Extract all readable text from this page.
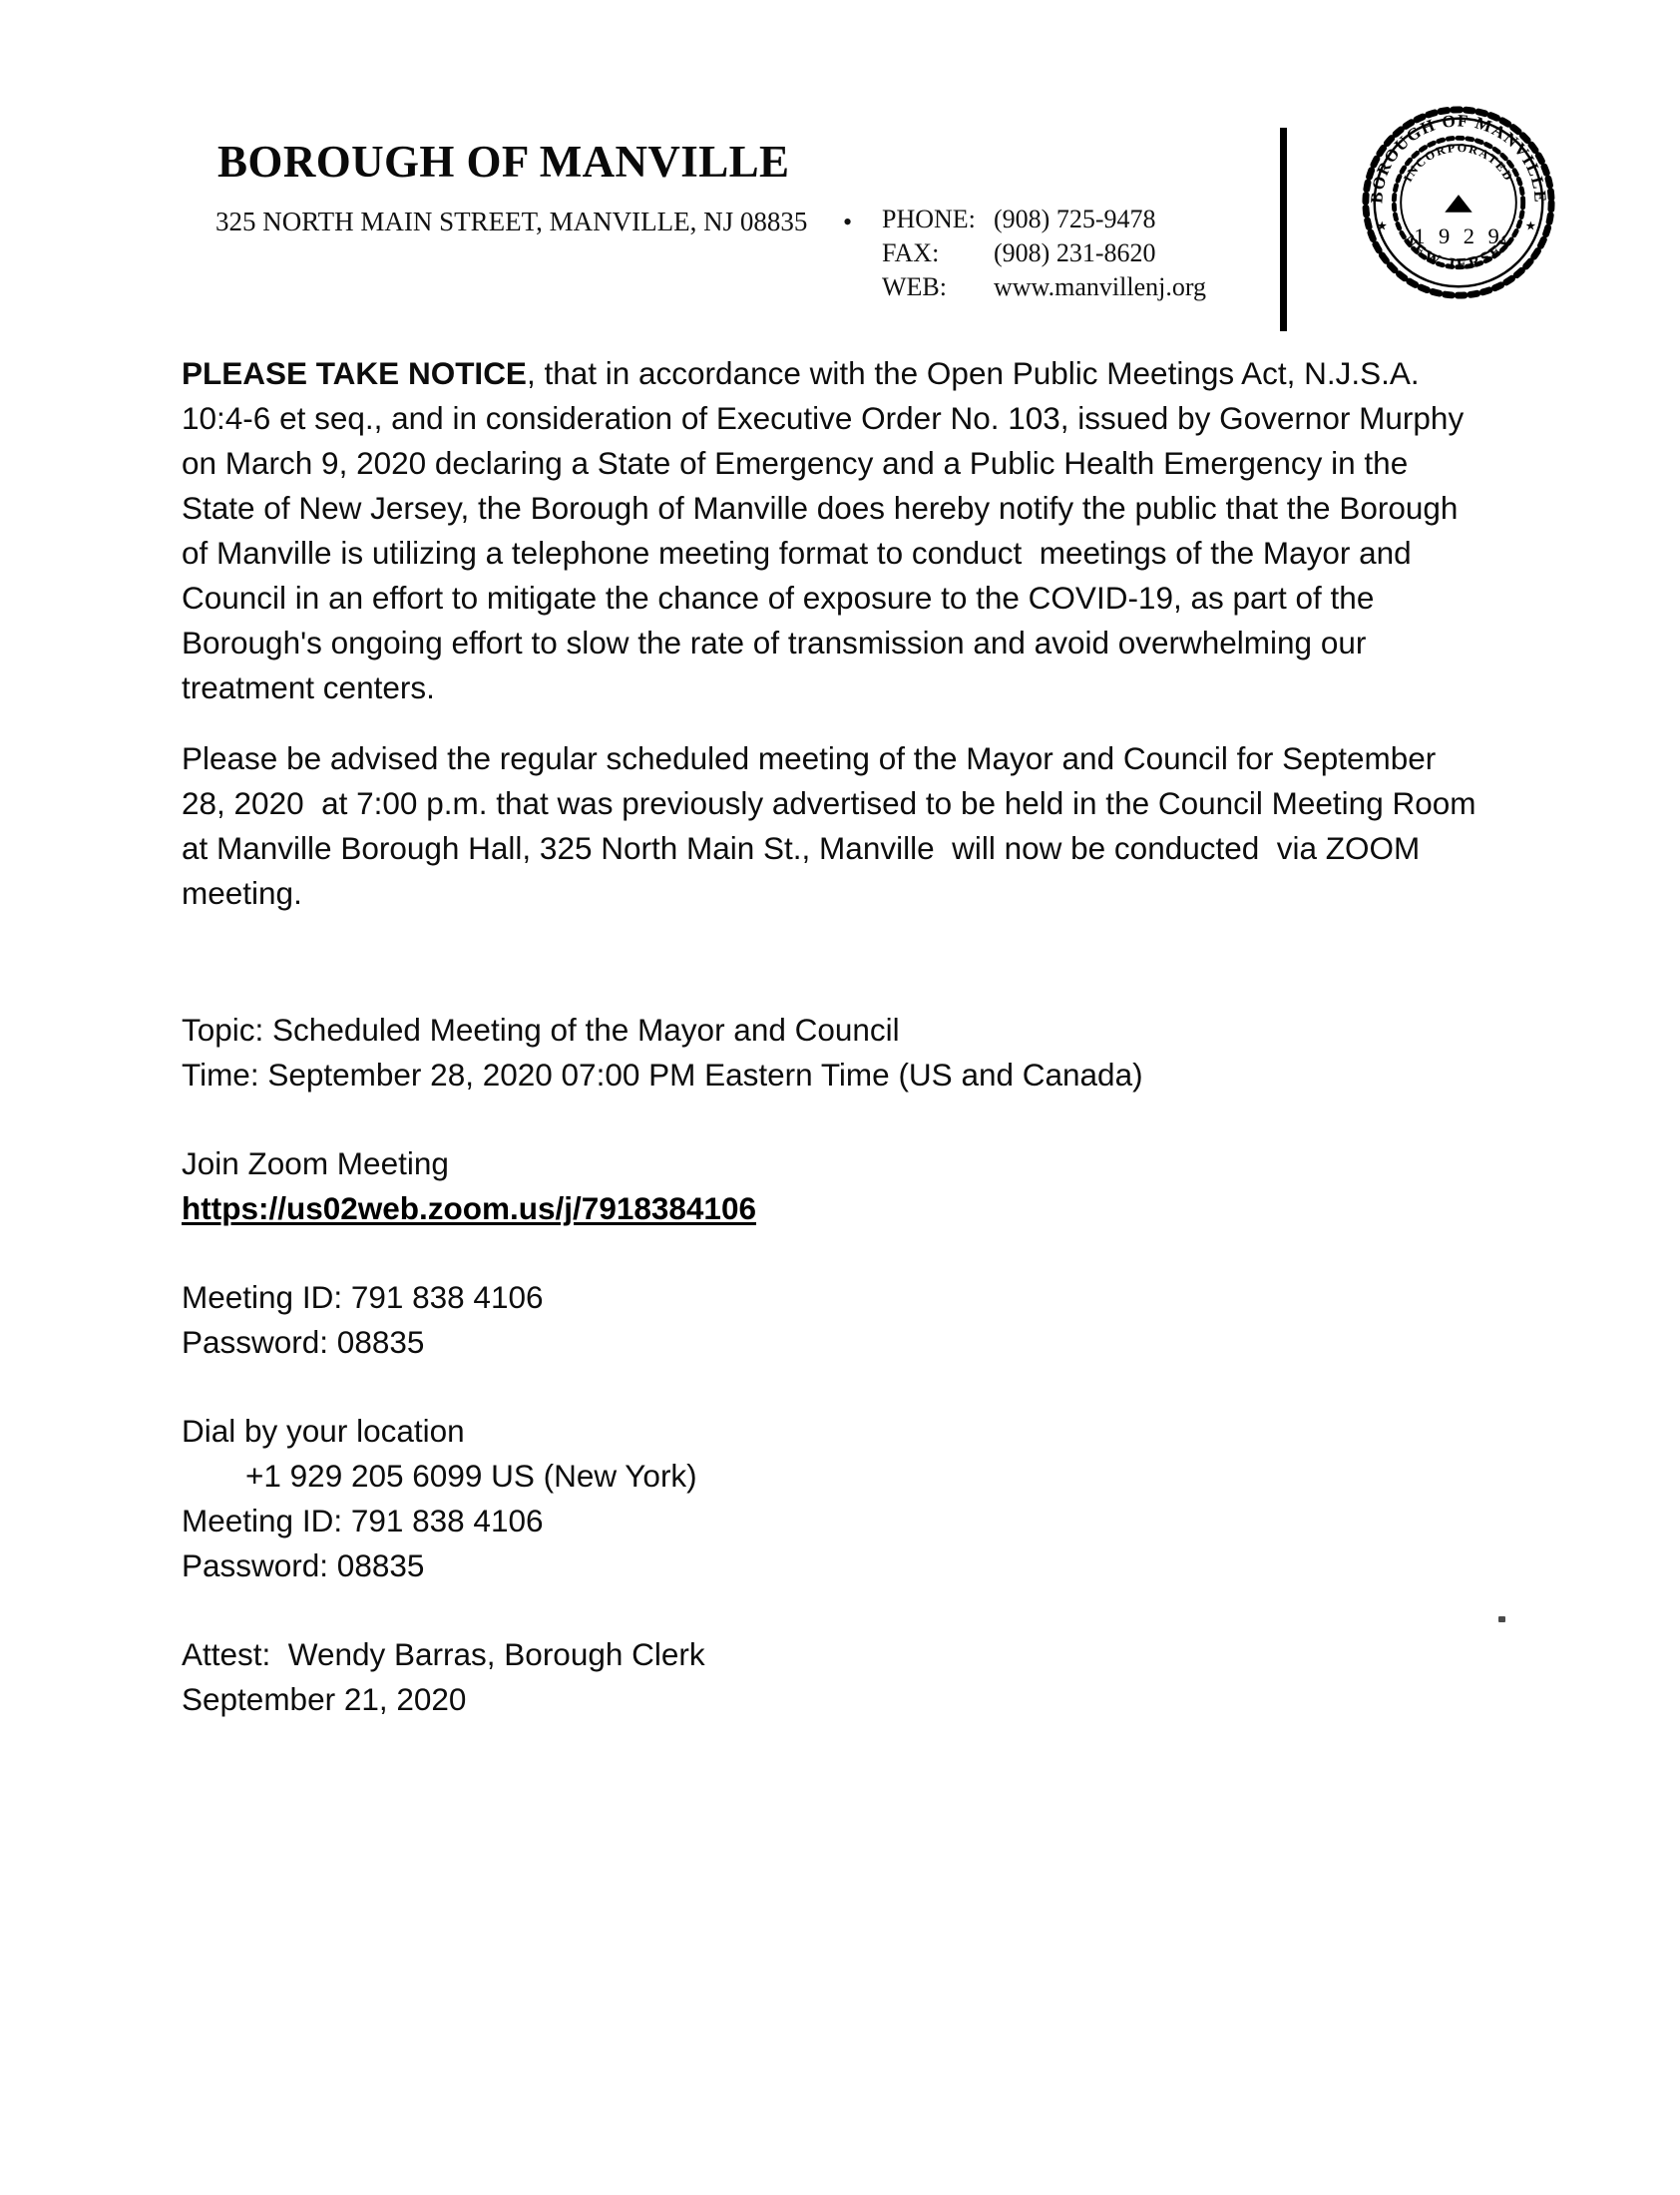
BOROUGH OF MANVILLE
325 NORTH MAIN STREET, MANVILLE, NJ 08835 • PHONE: (908) 725-9478
FAX: (908) 231-8620
WEB: www.manvillenj.org
BOROUGH OF MANVILLE
NEW JERSEY
★	★
INCORPORATED
1 9 2 9

PLEASE TAKE NOTICE, that in accordance with the Open Public Meetings Act, N.J.S.A. 10:4-6 et seq., and in consideration of Executive Order No. 103, issued by Governor Murphy on March 9, 2020 declaring a State of Emergency and a Public Health Emergency in the State of New Jersey, the Borough of Manville does hereby notify the public that the Borough of Manville is utilizing a telephone meeting format to conduct  meetings of the Mayor and Council in an effort to mitigate the chance of exposure to the COVID-19, as part of the Borough's ongoing effort to slow the rate of transmission and avoid overwhelming our treatment centers.

Please be advised the regular scheduled meeting of the Mayor and Council for September  28, 2020  at 7:00 p.m. that was previously advertised to be held in the Council Meeting Room at Manville Borough Hall, 325 North Main St., Manville  will now be conducted  via ZOOM meeting.

Topic: Scheduled Meeting of the Mayor and Council

Time: September 28, 2020 07:00 PM Eastern Time (US and Canada)

Join Zoom Meeting

https://us02web.zoom.us/j/7918384106

Meeting ID: 791 838 4106

Password: 08835

Dial by your location

+1 929 205 6099 US (New York)

Meeting ID: 791 838 4106

Password: 08835

Attest:  Wendy Barras, Borough Clerk

September 21, 2020
